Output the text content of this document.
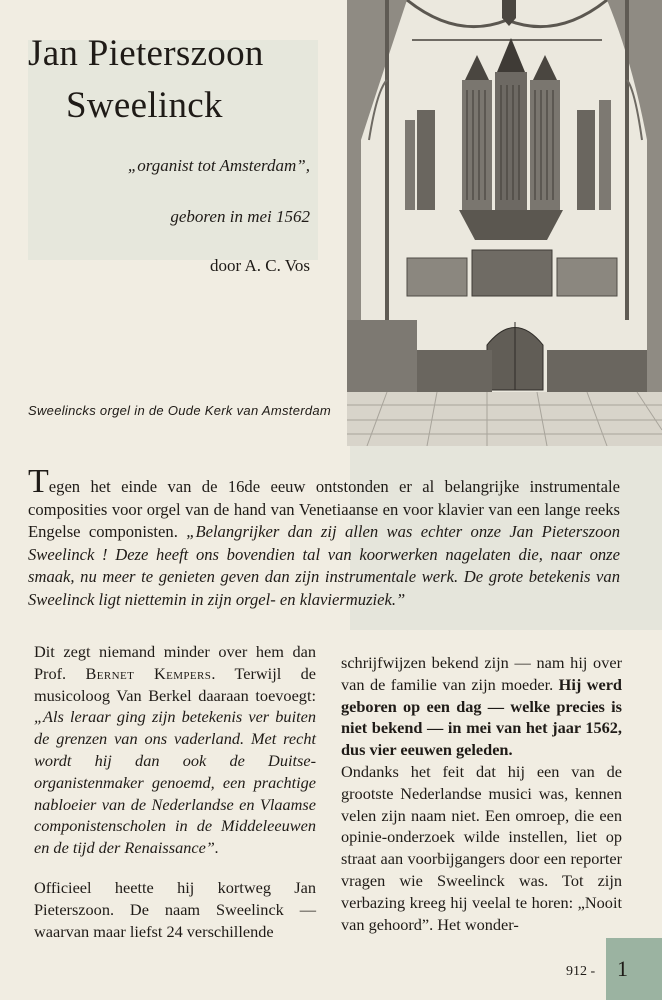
Jan Pieterszoon
Sweelinck
„organist tot Amsterdam”,
geboren in mei 1562
door A. C. Vos
Sweelincks orgel in de Oude Kerk van Amsterdam

Tegen het einde van de 16de eeuw ontstonden er al belangrijke instrumentale composities voor orgel van de hand van Venetiaanse en voor klavier van een lange reeks Engelse componisten. „Belangrijker dan zij allen was echter onze Jan Pieterszoon Sweelinck ! Deze heeft ons bovendien tal van koorwerken nagelaten die, naar onze smaak, nu meer te genieten geven dan zijn instrumentale werk. De grote betekenis van Sweelinck ligt niettemin in zijn orgel- en klaviermuziek.”

Dit zegt niemand minder over hem dan Prof. Bernet Kempers. Terwijl de musicoloog Van Berkel daaraan toevoegt: „Als leraar ging zijn betekenis ver buiten de grenzen van ons vaderland. Met recht wordt hij dan ook de Duitse-organistenmaker genoemd, een prachtige nabloeier van de Nederlandse en Vlaamse componistenscholen in de Middeleeuwen en de tijd der Renaissance”.

Officieel heette hij kortweg Jan Pieterszoon. De naam Sweelinck — waarvan maar liefst 24 verschillende

schrijfwijzen bekend zijn — nam hij over van de familie van zijn moeder. Hij werd geboren op een dag — welke precies is niet bekend — in mei van het jaar 1562, dus vier eeuwen geleden.

Ondanks het feit dat hij een van de grootste Nederlandse musici was, kennen velen zijn naam niet. Een omroep, die een opinie-onderzoek wilde instellen, liet op straat aan voorbijgangers door een reporter vragen wie Sweelinck was. Tot zijn verbazing kreeg hij veelal te horen: „Nooit van gehoord”. Het wonder-

912 - 1
